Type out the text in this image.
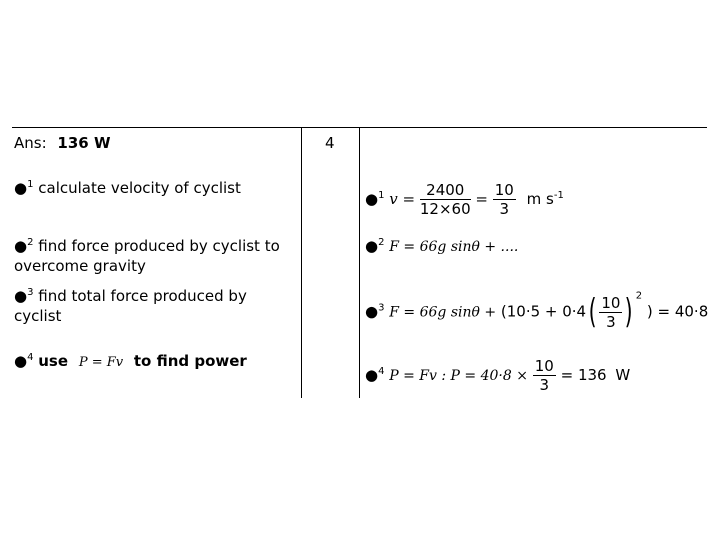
Ans: 136 W
●$^1$ calculate velocity of cyclist
●$^2$ find force produced by cyclist to
overcome gravity
●$^3$ find total force produced by
cyclist
●$^4$ use P = Fv to find power
4
●$^1$ $v = \frac{2400}{12\times 60} = \frac{10}{3}$ m $s^{-1}$
●$^2$ F = 66g sinθ + ....
●$^3$ F = 66g $\sin\theta + (10\cdot 5 + 0\cdot 4( \frac{10}{3}$ ) $^2$ ) = 40·8
●$^4$ P = Fv : $P = 40\cdot 8 \times \frac{10}{3} = 136$ W
